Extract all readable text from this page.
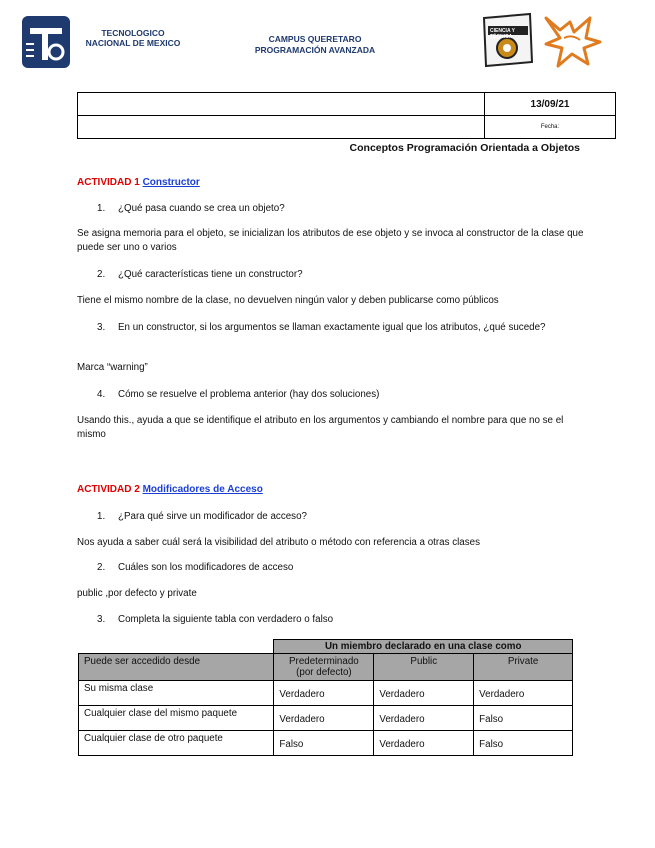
TECNOLOGICO
NACIONAL DE MEXICO	CAMPUS QUERETARO
PROGRAMACIÓN AVANZADA
CIENCIA Y TÉCNICA
	13/09/21
	Fecha:
Conceptos Programación Orientada a Objetos
ACTIVIDAD 1 Constructor
1. ¿Qué pasa cuando se crea un objeto?
Se asigna memoria para el objeto, se inicializan los atributos de ese objeto y se invoca al constructor de la clase que puede ser uno o varios
2. ¿Qué características tiene un constructor?
Tiene el mismo nombre de la clase, no devuelven ningún valor y deben publicarse como públicos
3. En un constructor, si los argumentos se llaman exactamente igual que los atributos, ¿qué sucede?
Marca “warning”
4. Cómo se resuelve el problema anterior (hay dos soluciones)
Usando this., ayuda a que se identifique el atributo en los argumentos y cambiando el nombre para que no se el mismo
ACTIVIDAD 2 Modificadores de Acceso
1. ¿Para qué sirve un modificador de acceso?
Nos ayuda a saber cuál será la visibilidad del atributo o método con referencia a otras clases
2. Cuáles son los modificadores de acceso
public ,por defecto y private
3. Completa la siguiente tabla con verdadero o falso
	Un miembro declarado en una clase como		
Puede ser accedido desde	Predeterminado (por defecto)	Public	Private
Su misma clase	Verdadero	Verdadero	Verdadero
Cualquier clase del mismo paquete	Verdadero	Verdadero	Falso
Cualquier clase de otro paquete	Falso	Verdadero	Falso
